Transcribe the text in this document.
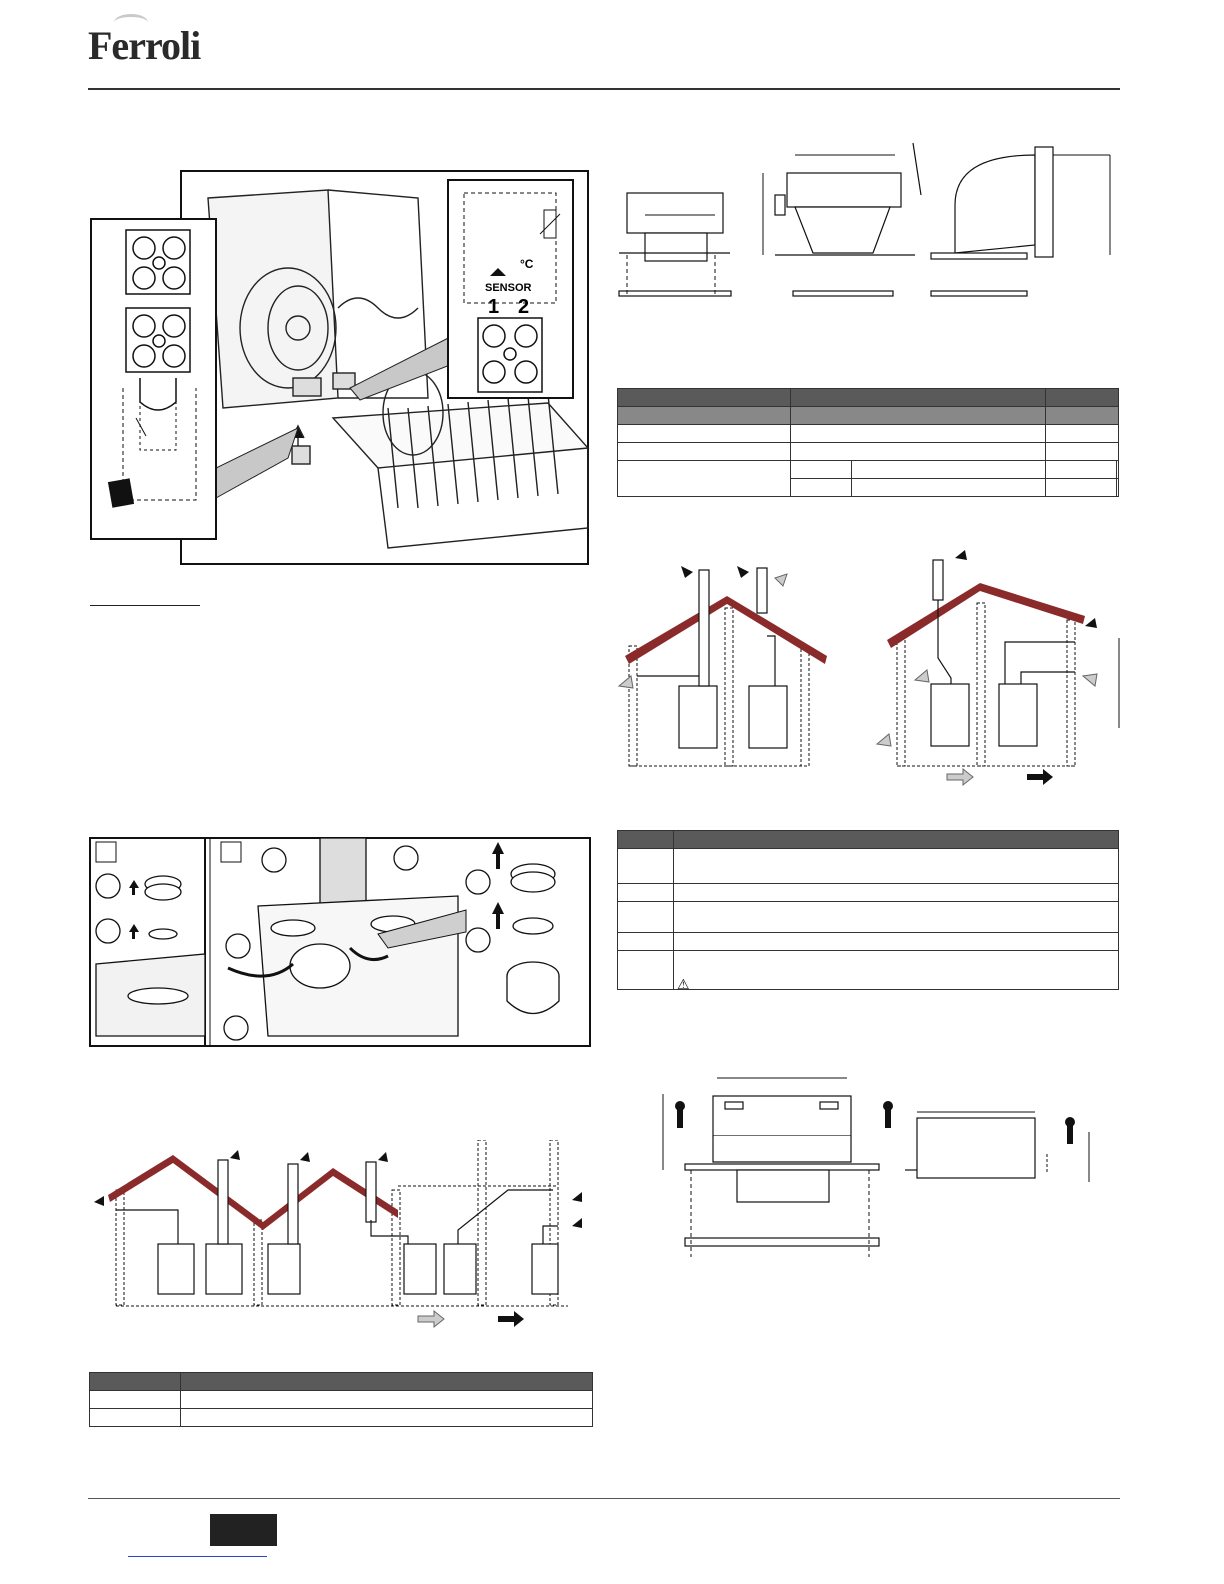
Ferroli
°C
SENSOR
1 2

⚠
